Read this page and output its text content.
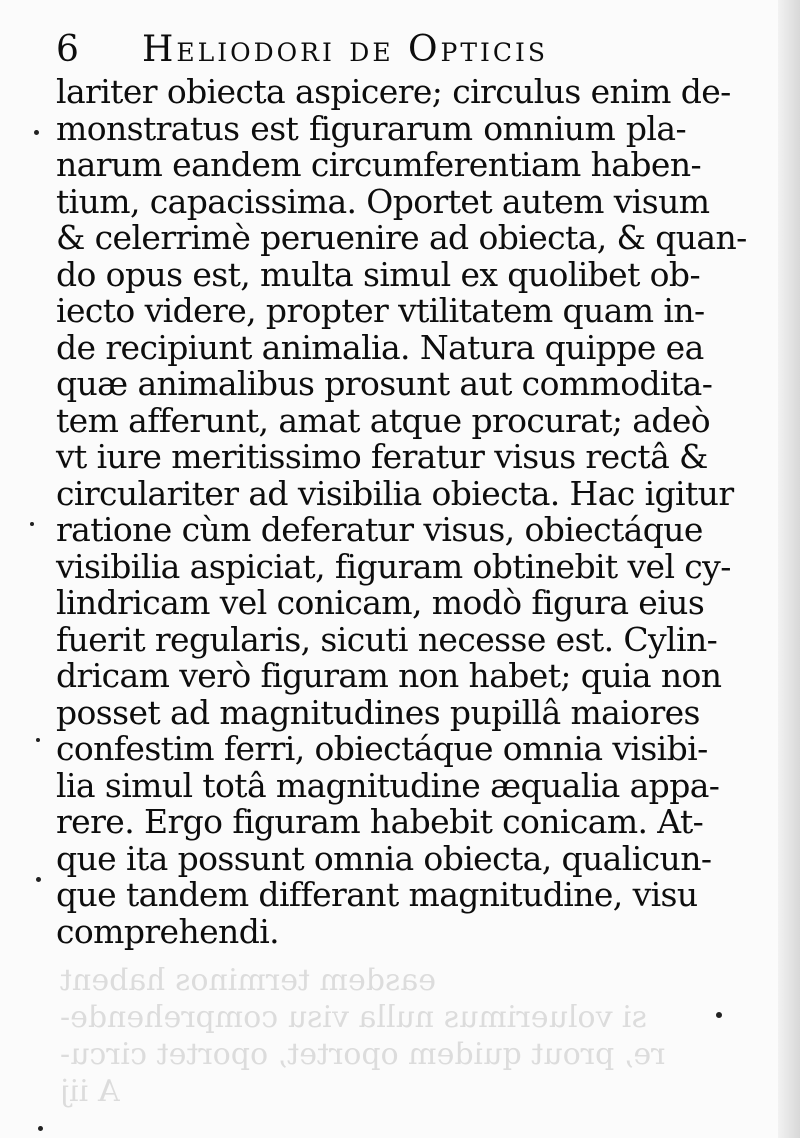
6 Heliodori de Opticis
lariter obiecta aspicere; circulus enim de-
monstratus est figurarum omnium pla-
narum eandem circumferentiam haben-
tium, capacissima. Oportet autem visum
& celerrimè peruenire ad obiecta, & quan-
do opus est, multa simul ex quolibet ob-
iecto videre, propter vtilitatem quam in-
de recipiunt animalia. Natura quippe ea
quæ animalibus prosunt aut commodita-
tem afferunt, amat atque procurat; adeò
vt iure meritissimo feratur visus rectâ &
circulariter ad visibilia obiecta. Hac igitur
ratione cùm deferatur visus, obiectáque
visibilia aspiciat, figuram obtinebit vel cy-
lindricam vel conicam, modò figura eius
fuerit regularis, sicuti necesse est. Cylin-
dricam verò figuram non habet; quia non
posset ad magnitudines pupillâ maiores
confestim ferri, obiectáque omnia visibi-
lia simul totâ magnitudine æqualia appa-
rere. Ergo figuram habebit conicam. At-
que ita possunt omnia obiecta, qualicun-
que tandem differant magnitudine, visu
comprehendi.
easdem terminos habent
si voluerimus nulla visu comprehende-
re, prout quidem oportet, oportet circu-
A iij
